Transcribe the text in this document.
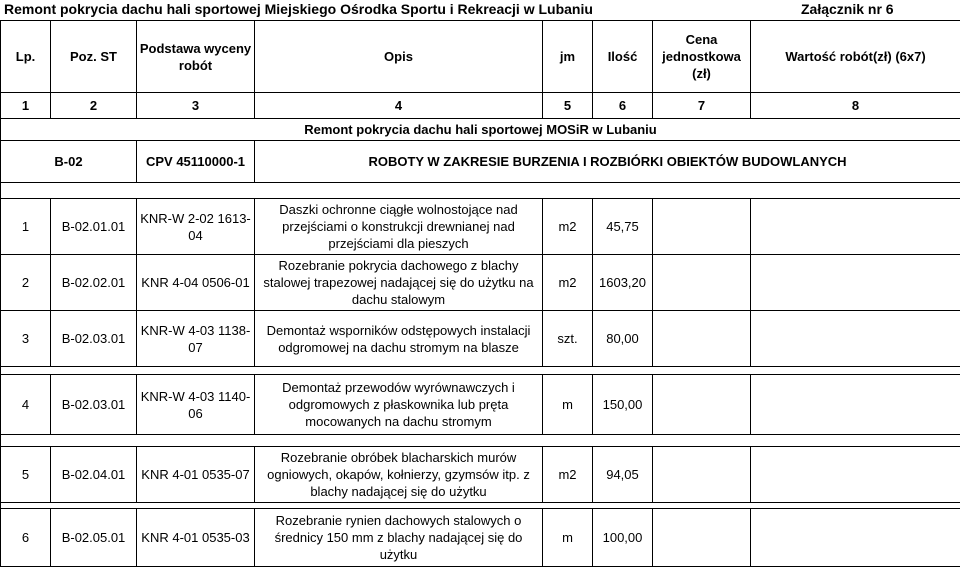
Remont pokrycia dachu hali sportowej Miejskiego Ośrodka Sportu i Rekreacji w Lubaniu	Załącznik nr 6
Lp.	Poz. ST	Podstawa wyceny robót	Opis	jm	Ilość	Cena jednostkowa (zł)	Wartość robót(zł) (6x7)
1	2	3	4	5	6	7	8
Remont pokrycia dachu hali sportowej MOSiR w Lubaniu							
B-02		CPV 45110000-1	ROBOTY W ZAKRESIE BURZENIA I ROZBIÓRKI OBIEKTÓW BUDOWLANYCH				

1	B-02.01.01	KNR-W 2-02 1613-04	Daszki ochronne ciągłe wolnostojące nad przejściami o konstrukcji drewnianej nad przejściami dla pieszych	m2	45,75		
2	B-02.02.01	KNR 4-04 0506-01	Rozebranie pokrycia dachowego z blachy stalowej trapezowej nadającej się do użytku na dachu stalowym	m2	1603,20		
3	B-02.03.01	KNR-W 4-03 1138-07	Demontaż wsporników odstępowych instalacji odgromowej na dachu stromym na blasze	szt.	80,00		

4	B-02.03.01	KNR-W 4-03 1140-06	Demontaż przewodów wyrównawczych i odgromowych z płaskownika lub pręta mocowanych na dachu stromym	m	150,00		

5	B-02.04.01	KNR 4-01 0535-07	Rozebranie obróbek blacharskich murów ogniowych, okapów, kołnierzy, gzymsów itp. z blachy nadającej się do użytku	m2	94,05		

6	B-02.05.01	KNR 4-01 0535-03	Rozebranie rynien dachowych stalowych o średnicy 150 mm z blachy nadającej się do użytku	m	100,00		
